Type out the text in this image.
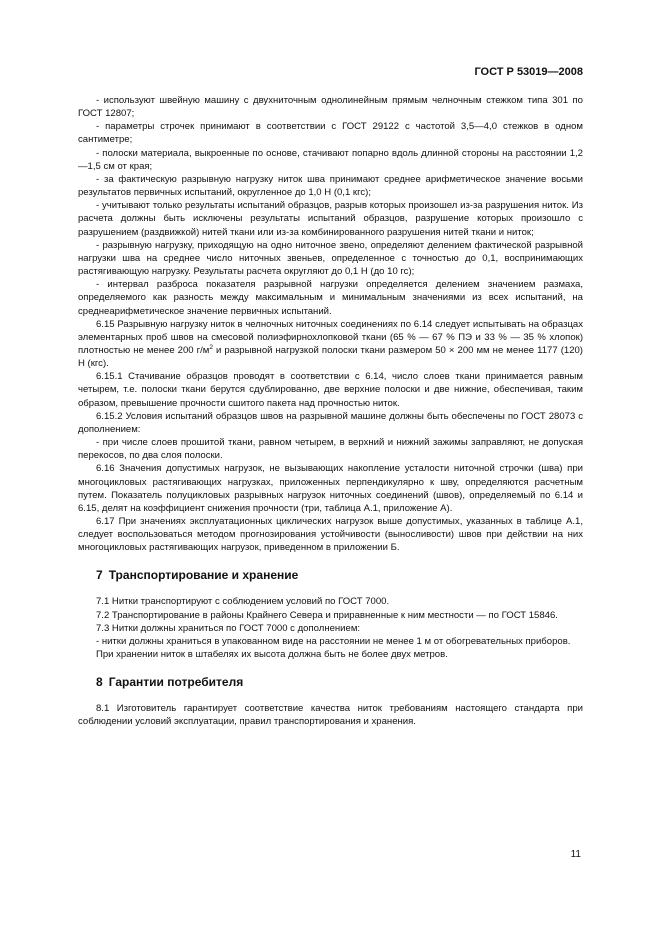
ГОСТ Р 53019—2008

- используют швейную машину с двухниточным однолинейным прямым челночным стежком типа 301 по ГОСТ 12807;

- параметры строчек принимают в соответствии с ГОСТ 29122 с частотой 3,5—4,0 стежков в одном сантиметре;

- полоски материала, выкроенные по основе, стачивают попарно вдоль длинной стороны на расстоянии 1,2—1,5 см от края;

- за фактическую разрывную нагрузку ниток шва принимают среднее арифметическое значение восьми результатов первичных испытаний, округленное до 1,0 Н (0,1 кгс);

- учитывают только результаты испытаний образцов, разрыв которых произошел из-за разрушения ниток. Из расчета должны быть исключены результаты испытаний образцов, разрушение которых произошло с разрушением (раздвижкой) нитей ткани или из-за комбинированного разрушения нитей ткани и ниток;

- разрывную нагрузку, приходящую на одно ниточное звено, определяют делением фактической разрывной нагрузки шва на среднее число ниточных звеньев, определенное с точностью до 0,1, воспринимающих растягивающую нагрузку. Результаты расчета округляют до 0,1 Н (до 10 гс);

- интервал разброса показателя разрывной нагрузки определяется делением значением размаха, определяемого как разность между максимальным и минимальным значениями из всех испытаний, на среднеарифметическое значение первичных испытаний.

6.15 Разрывную нагрузку ниток в челночных ниточных соединениях по 6.14 следует испытывать на образцах элементарных проб швов на смесовой полиэфирнохлопковой ткани (65 % — 67 % ПЭ и 33 % — 35 % хлопок) плотностью не менее 200 $г/м^2$ и разрывной нагрузкой полоски ткани размером 50 × 200 мм не менее 1177 (120) Н (кгс).

6.15.1 Стачивание образцов проводят в соответствии с 6.14, число слоев ткани принимается равным четырем, т.е. полоски ткани берутся сдублированно, две верхние полоски и две нижние, обеспечивая, таким образом, превышение прочности сшитого пакета над прочностью ниток.

6.15.2 Условия испытаний образцов швов на разрывной машине должны быть обеспечены по ГОСТ 28073 с дополнением:

- при числе слоев прошитой ткани, равном четырем, в верхний и нижний зажимы заправляют, не допуская перекосов, по два слоя полоски.

6.16 Значения допустимых нагрузок, не вызывающих накопление усталости ниточной строчки (шва) при многоцикловых растягивающих нагрузках, приложенных перпендикулярно к шву, определяются расчетным путем. Показатель полуцикловых разрывных нагрузок ниточных соединений (швов), определяемый по 6.14 и 6.15, делят на коэффициент снижения прочности (три, таблица А.1, приложение А).

6.17 При значениях эксплуатационных циклических нагрузок выше допустимых, указанных в таблице А.1, следует воспользоваться методом прогнозирования устойчивости (выносливости) швов при действии на них многоцикловых растягивающих нагрузок, приведенном в приложении Б.

7 Транспортирование и хранение

7.1 Нитки транспортируют с соблюдением условий по ГОСТ 7000.

7.2 Транспортирование в районы Крайнего Севера и приравненные к ним местности — по ГОСТ 15846.

7.3 Нитки должны храниться по ГОСТ 7000 с дополнением:

- нитки должны храниться в упакованном виде на расстоянии не менее 1 м от обогревательных приборов.

При хранении ниток в штабелях их высота должна быть не более двух метров.

8 Гарантии потребителя

8.1 Изготовитель гарантирует соответствие качества ниток требованиям настоящего стандарта при соблюдении условий эксплуатации, правил транспортирования и хранения.

11
